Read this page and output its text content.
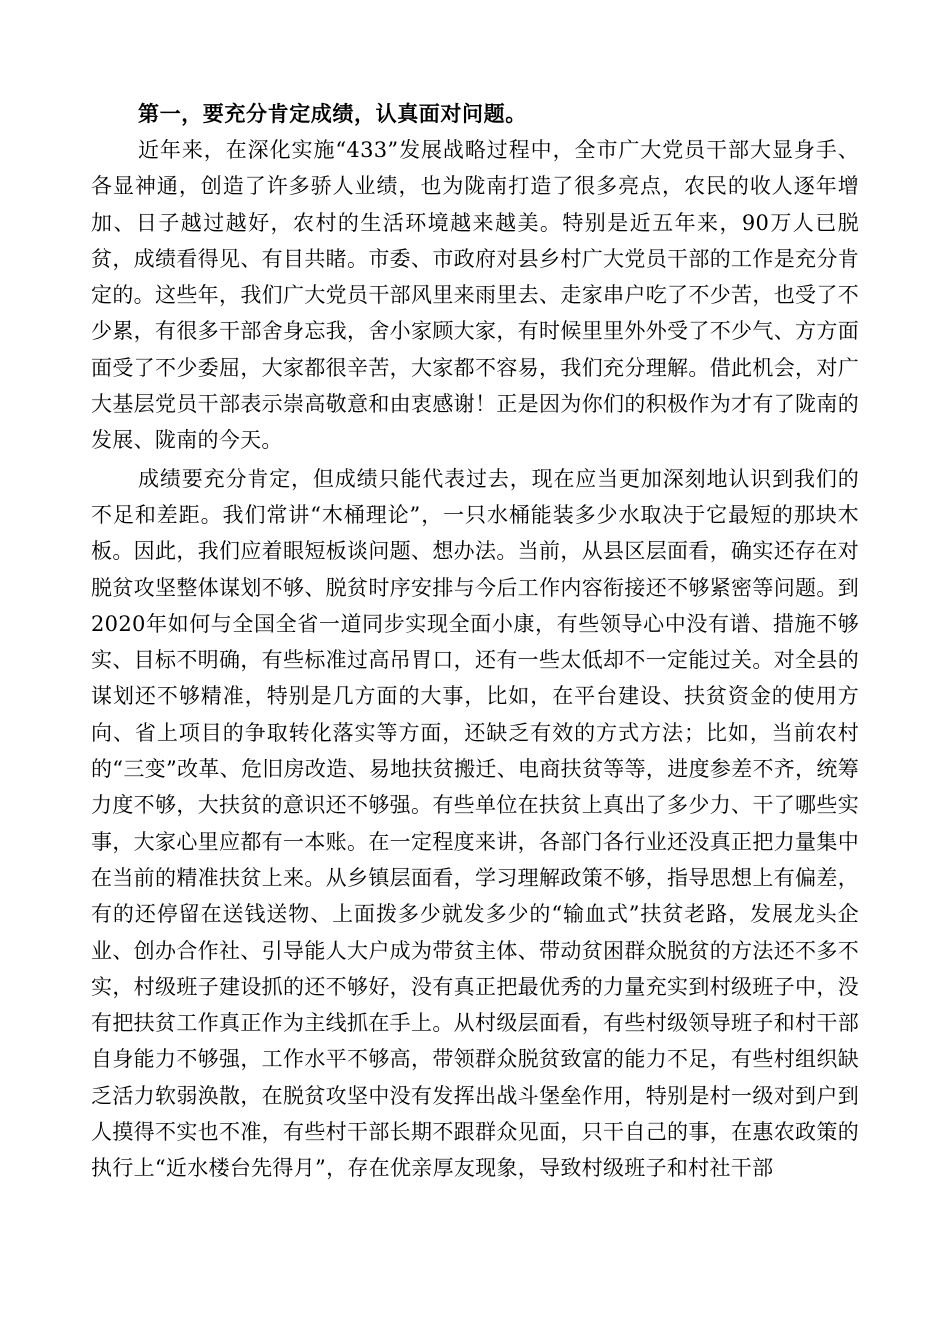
第一，要充分肯定成绩，认真面对问题。

近年来，在深化实施“433”发展战略过程中，全市广大党员干部大显身手、各显神通，创造了许多骄人业绩，也为陇南打造了很多亮点，农民的收人逐年增加、日子越过越好，农村的生活环境越来越美。特别是近五年来，90万人已脱贫，成绩看得见、有目共睹。市委、市政府对县乡村广大党员干部的工作是充分肯定的。这些年，我们广大党员干部风里来雨里去、走家串户吃了不少苦，也受了不少累，有很多干部舍身忘我，舍小家顾大家，有时候里里外外受了不少气、方方面面受了不少委屈，大家都很辛苦，大家都不容易，我们充分理解。借此机会，对广大基层党员干部表示崇高敬意和由衷感谢！正是因为你们的积极作为才有了陇南的发展、陇南的今天。

成绩要充分肯定，但成绩只能代表过去，现在应当更加深刻地认识到我们的不足和差距。我们常讲“木桶理论”，一只水桶能装多少水取决于它最短的那块木板。因此，我们应着眼短板谈问题、想办法。当前，从县区层面看，确实还存在对脱贫攻坚整体谋划不够、脱贫时序安排与今后工作内容衔接还不够紧密等问题。到2020年如何与全国全省一道同步实现全面小康，有些领导心中没有谱、措施不够实、目标不明确，有些标准过高吊胃口，还有一些太低却不一定能过关。对全县的谋划还不够精准，特别是几方面的大事，比如，在平台建设、扶贫资金的使用方向、省上项目的争取转化落实等方面，还缺乏有效的方式方法；比如，当前农村的“三变”改革、危旧房改造、易地扶贫搬迁、电商扶贫等等，进度参差不齐，统筹力度不够，大扶贫的意识还不够强。有些单位在扶贫上真出了多少力、干了哪些实事，大家心里应都有一本账。在一定程度来讲，各部门各行业还没真正把力量集中在当前的精准扶贫上来。从乡镇层面看，学习理解政策不够，指导思想上有偏差，有的还停留在送钱送物、上面拨多少就发多少的“输血式”扶贫老路，发展龙头企业、创办合作社、引导能人大户成为带贫主体、带动贫困群众脱贫的方法还不多不实，村级班子建设抓的还不够好，没有真正把最优秀的力量充实到村级班子中，没有把扶贫工作真正作为主线抓在手上。从村级层面看，有些村级领导班子和村干部自身能力不够强，工作水平不够高，带领群众脱贫致富的能力不足，有些村组织缺乏活力软弱涣散，在脱贫攻坚中没有发挥出战斗堡垒作用，特别是村一级对到户到人摸得不实也不准，有些村干部长期不跟群众见面，只干自己的事，在惠农政策的执行上“近水楼台先得月”，存在优亲厚友现象，导致村级班子和村社干部
